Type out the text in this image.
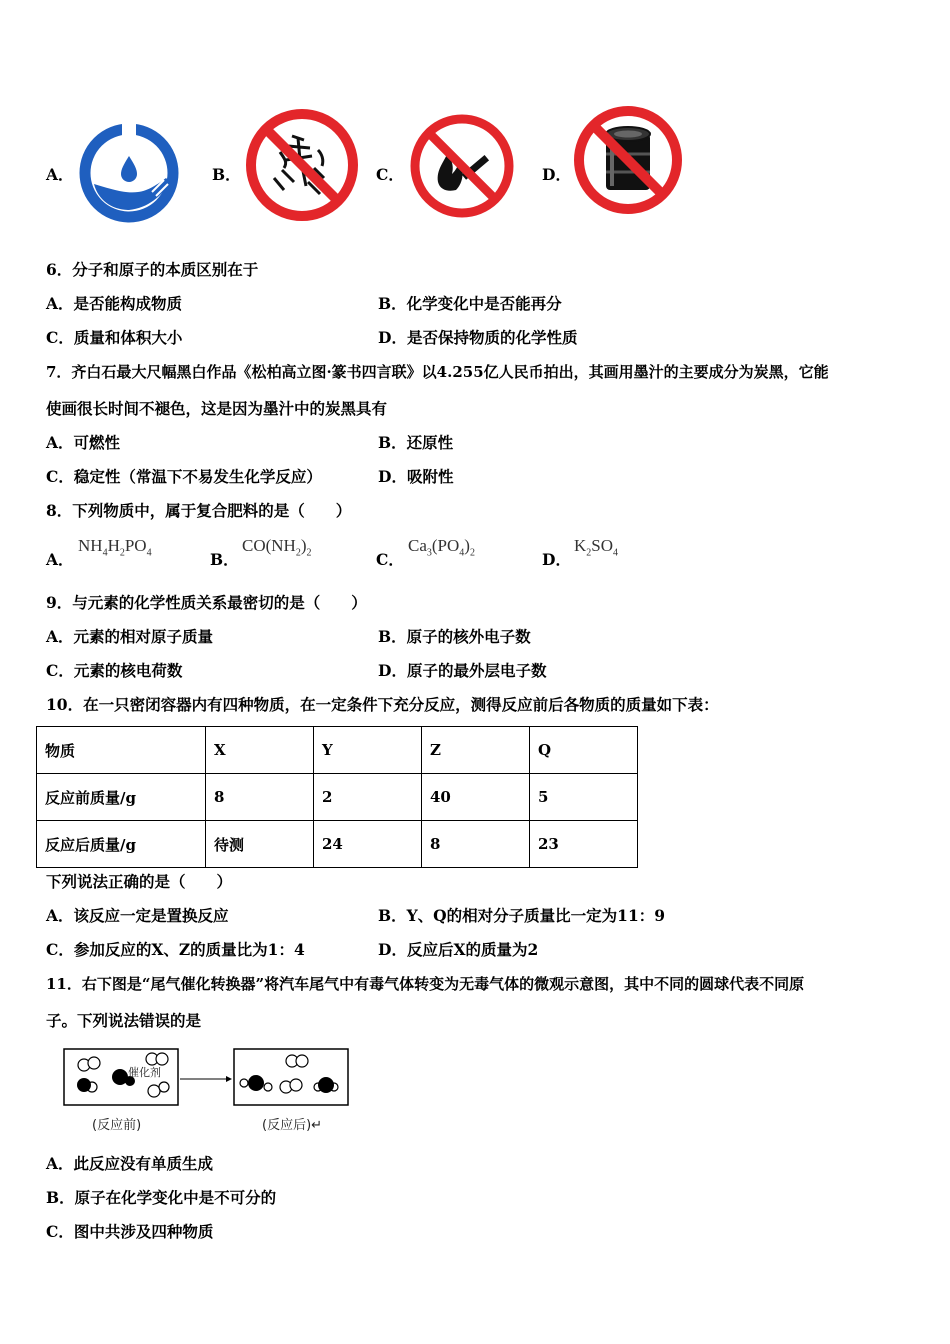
A．	B．	C．	D．
6．分子和原子的本质区别在于
A．是否能构成物质	B．化学变化中是否能再分
C．质量和体积大小	D．是否保持物质的化学性质
7．齐白石最大尺幅黑白作品《松柏高立图·篆书四言联》以4.255亿人民币拍出，其画用墨汁的主要成分为炭黑，它能
使画很长时间不褪色，这是因为墨汁中的炭黑具有
A．可燃性	B．还原性
C．稳定性（常温下不易发生化学反应）	D．吸附性
8．下列物质中，属于复合肥料的是（　　）
A．
$NH_4H_2PO_4$	B．
$CO(NH_2)_2$	C．
$Ca_3(PO_4)_2$	D．
$K_2SO_4$
9．与元素的化学性质关系最密切的是（　　）
A．元素的相对原子质量	B．原子的核外电子数
C．元素的核电荷数	D．原子的最外层电子数
10．在一只密闭容器内有四种物质，在一定条件下充分反应，测得反应前后各物质的质量如下表：
物质	X	Y	Z	Q
反应前质量/g	8	2	40	5
反应后质量/g	待测	24	8	23
下列说法正确的是（　　）
A．该反应一定是置换反应	B．Y、Q的相对分子质量比一定为11：9
C．参加反应的X、Z的质量比为1：4	D．反应后X的质量为2
11．右下图是“尾气催化转换器”将汽车尾气中有毒气体转变为无毒气体的微观示意图，其中不同的圆球代表不同原
子。下列说法错误的是
催化剂
(反应前)	(反应后)↵
A．此反应没有单质生成
B．原子在化学变化中是不可分的
C．图中共涉及四种物质
